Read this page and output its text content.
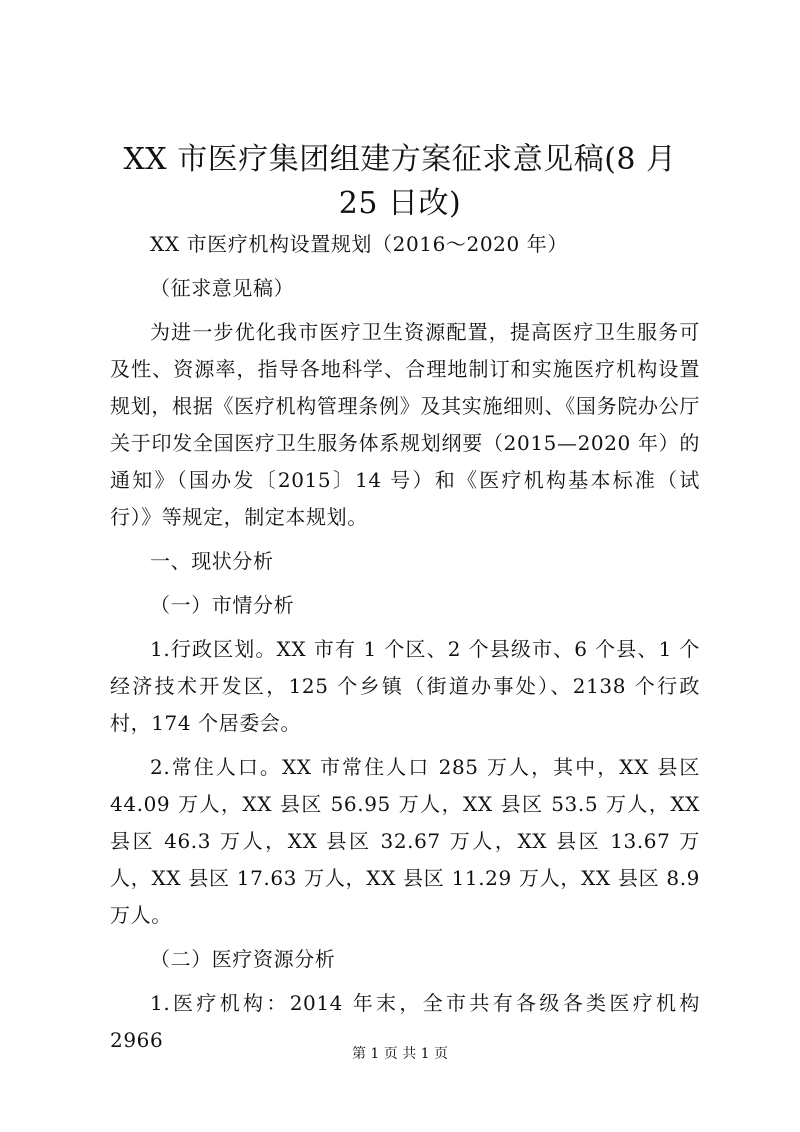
XX 市医疗集团组建方案征求意见稿(8 月 25 日改)

XX 市医疗机构设置规划（2016～2020 年）

（征求意见稿）

为进一步优化我市医疗卫生资源配置，提高医疗卫生服务可及性、资源率，指导各地科学、合理地制订和实施医疗机构设置规划，根据《医疗机构管理条例》及其实施细则、《国务院办公厅关于印发全国医疗卫生服务体系规划纲要（2015—2020 年）的通知》（国办发〔2015〕14 号）和《医疗机构基本标准（试行）》等规定，制定本规划。

一、现状分析

（一）市情分析

1.行政区划。XX 市有 1 个区、2 个县级市、6 个县、1 个经济技术开发区，125 个乡镇（街道办事处）、2138 个行政村，174 个居委会。

2.常住人口。XX 市常住人口 285 万人，其中，XX 县区 44.09 万人，XX 县区 56.95 万人，XX 县区 53.5 万人，XX 县区 46.3 万人，XX 县区 32.67 万人，XX 县区 13.67 万人，XX 县区 17.63 万人，XX 县区 11.29 万人，XX 县区 8.9 万人。

（二）医疗资源分析

1.医疗机构：2014 年末，全市共有各级各类医疗机构 2966

第 1 页 共 1 页
